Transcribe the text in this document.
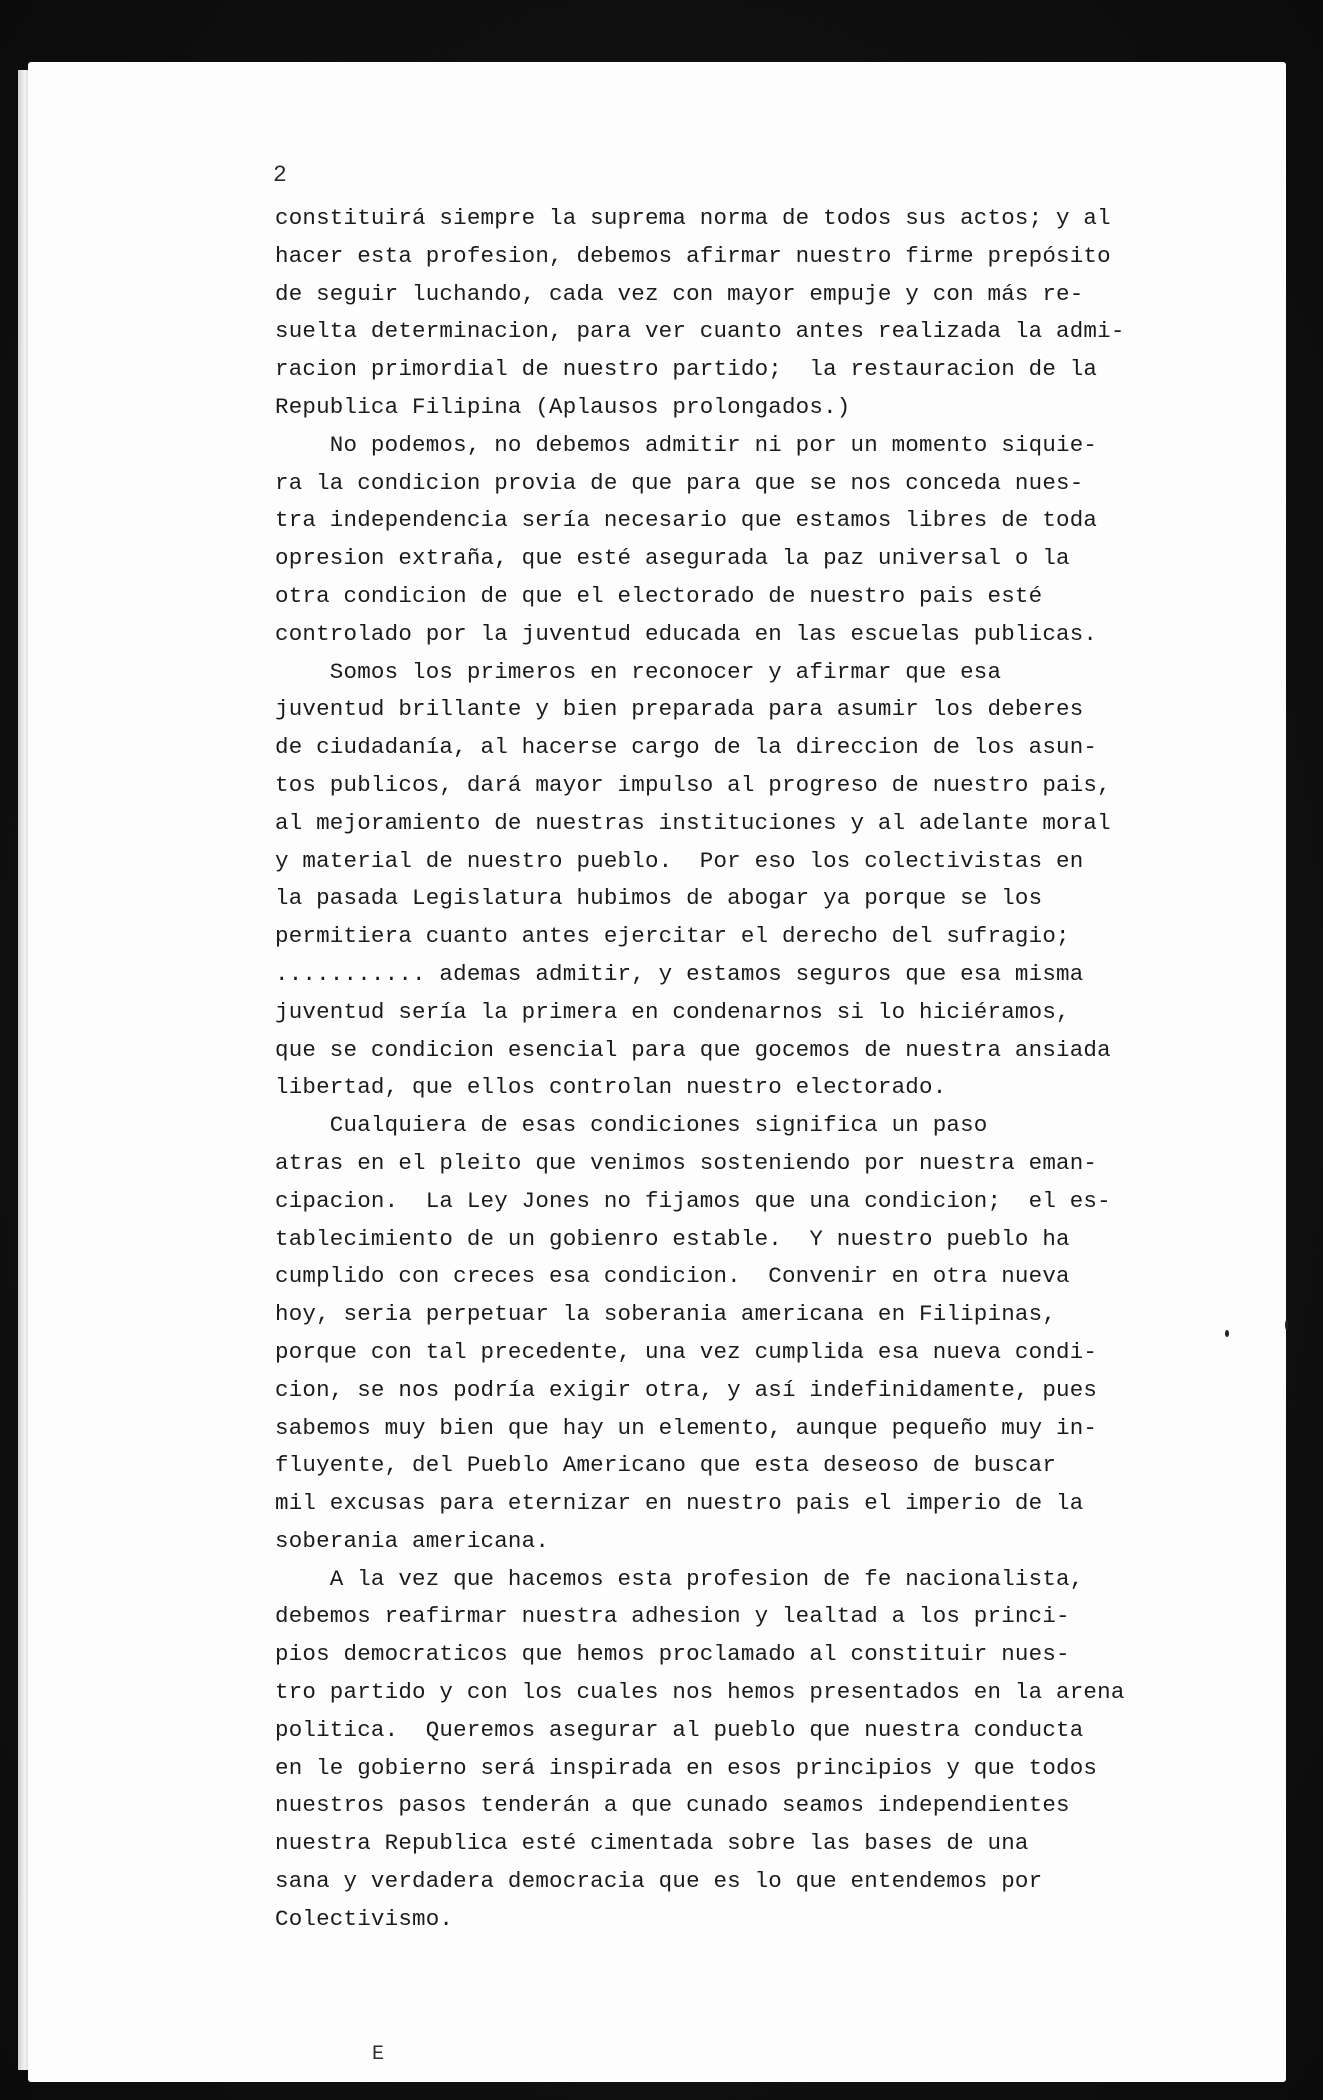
2
constituirá siempre la suprema norma de todos sus actos; y al
hacer esta profesion, debemos afirmar nuestro firme prepósito
de seguir luchando, cada vez con mayor empuje y con más re-
suelta determinacion, para ver cuanto antes realizada la admi-
racion primordial de nuestro partido;  la restauracion de la
Republica Filipina (Aplausos prolongados.)
No podemos, no debemos admitir ni por un momento siquie-
ra la condicion provia de que para que se nos conceda nues-
tra independencia sería necesario que estamos libres de toda
opresion extraña, que esté asegurada la paz universal o la
otra condicion de que el electorado de nuestro pais esté
controlado por la juventud educada en las escuelas publicas.
Somos los primeros en reconocer y afirmar que esa
juventud brillante y bien preparada para asumir los deberes
de ciudadanía, al hacerse cargo de la direccion de los asun-
tos publicos, dará mayor impulso al progreso de nuestro pais,
al mejoramiento de nuestras instituciones y al adelante moral
y material de nuestro pueblo.  Por eso los colectivistas en
la pasada Legislatura hubimos de abogar ya porque se los
permitiera cuanto antes ejercitar el derecho del sufragio;
........... ademas admitir, y estamos seguros que esa misma
juventud sería la primera en condenarnos si lo hiciéramos,
que se condicion esencial para que gocemos de nuestra ansiada
libertad, que ellos controlan nuestro electorado.
Cualquiera de esas condiciones significa un paso
atras en el pleito que venimos sosteniendo por nuestra eman-
cipacion.  La Ley Jones no fijamos que una condicion;  el es-
tablecimiento de un gobienro estable.  Y nuestro pueblo ha
cumplido con creces esa condicion.  Convenir en otra nueva
hoy, seria perpetuar la soberania americana en Filipinas,
porque con tal precedente, una vez cumplida esa nueva condi-
cion, se nos podría exigir otra, y así indefinidamente, pues
sabemos muy bien que hay un elemento, aunque pequeño muy in-
fluyente, del Pueblo Americano que esta deseoso de buscar
mil excusas para eternizar en nuestro pais el imperio de la
soberania americana.
A la vez que hacemos esta profesion de fe nacionalista,
debemos reafirmar nuestra adhesion y lealtad a los princi-
pios democraticos que hemos proclamado al constituir nues-
tro partido y con los cuales nos hemos presentados en la arena
politica.  Queremos asegurar al pueblo que nuestra conducta
en le gobierno será inspirada en esos principios y que todos
nuestros pasos tenderán a que cunado seamos independientes
nuestra Republica esté cimentada sobre las bases de una
sana y verdadera democracia que es lo que entendemos por
Colectivismo.
E
